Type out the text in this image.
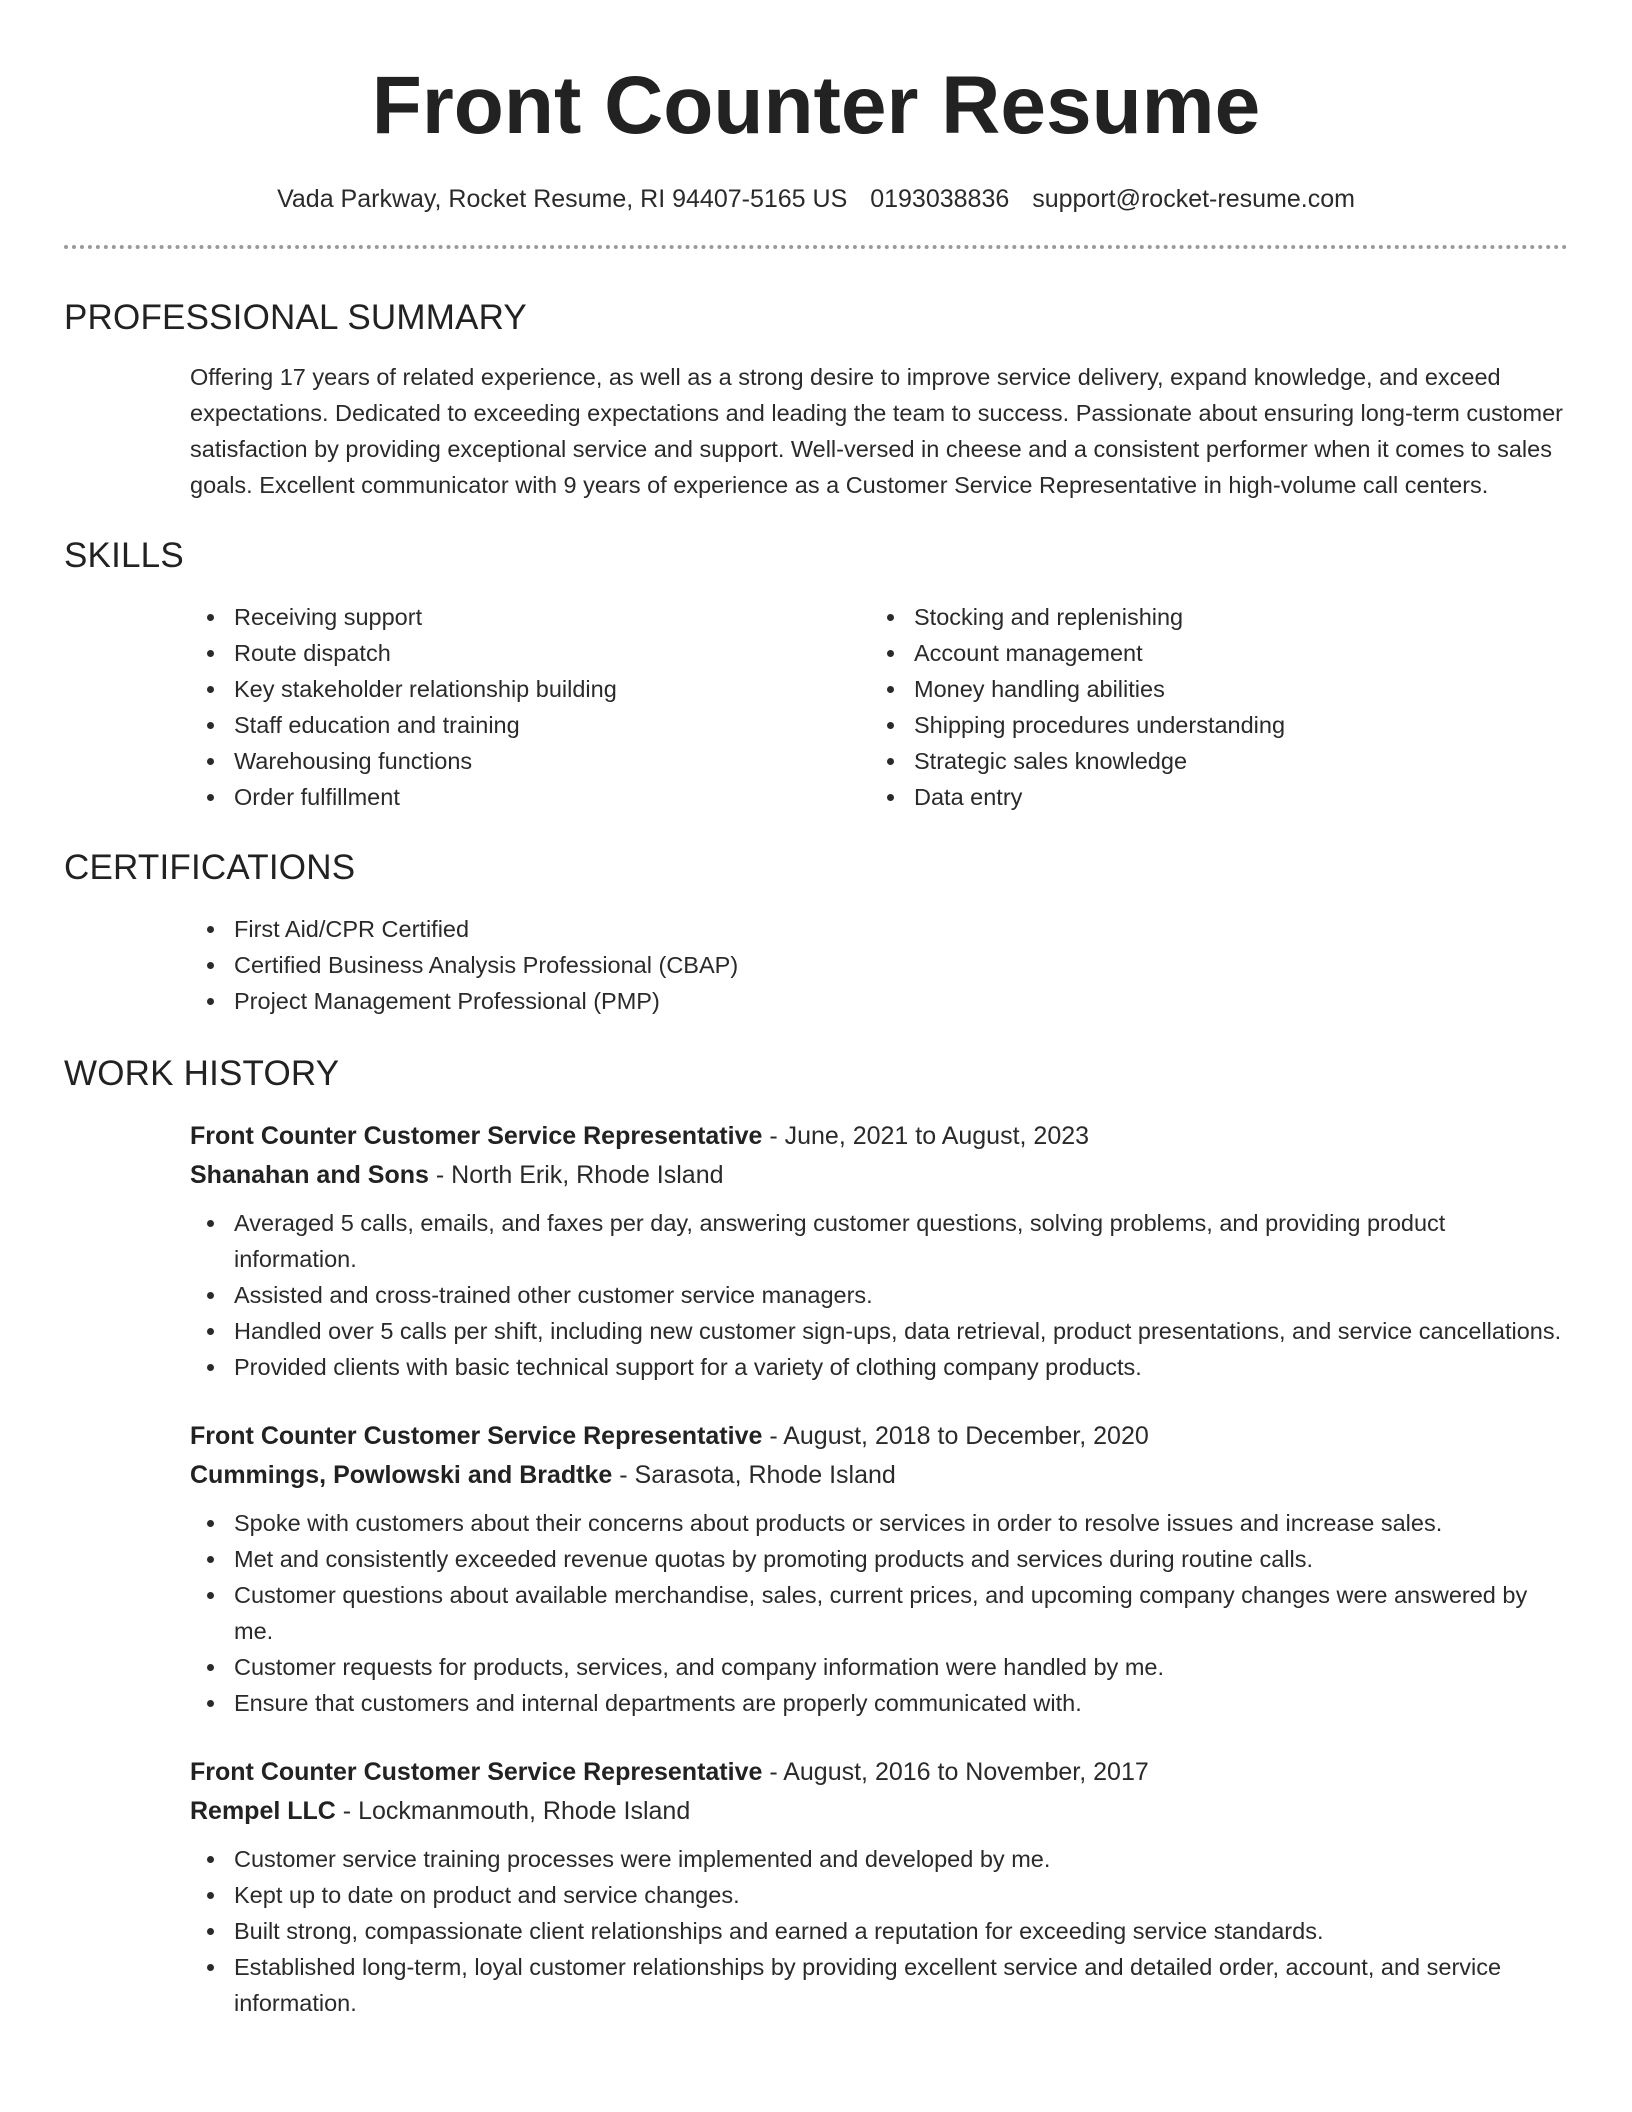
Front Counter Resume
Vada Parkway, Rocket Resume, RI 94407-5165 US 0193038836 support@rocket-resume.com
PROFESSIONAL SUMMARY
Offering 17 years of related experience, as well as a strong desire to improve service delivery, expand knowledge, and exceed expectations. Dedicated to exceeding expectations and leading the team to success. Passionate about ensuring long-term customer satisfaction by providing exceptional service and support. Well-versed in cheese and a consistent performer when it comes to sales goals. Excellent communicator with 9 years of experience as a Customer Service Representative in high-volume call centers.
SKILLS
Receiving support
Route dispatch
Key stakeholder relationship building
Staff education and training
Warehousing functions
Order fulfillment
Stocking and replenishing
Account management
Money handling abilities
Shipping procedures understanding
Strategic sales knowledge
Data entry
CERTIFICATIONS
First Aid/CPR Certified
Certified Business Analysis Professional (CBAP)
Project Management Professional (PMP)
WORK HISTORY
Front Counter Customer Service Representative - June, 2021 to August, 2023
Shanahan and Sons - North Erik, Rhode Island
Averaged 5 calls, emails, and faxes per day, answering customer questions, solving problems, and providing product information.
Assisted and cross-trained other customer service managers.
Handled over 5 calls per shift, including new customer sign-ups, data retrieval, product presentations, and service cancellations.
Provided clients with basic technical support for a variety of clothing company products.
Front Counter Customer Service Representative - August, 2018 to December, 2020
Cummings, Powlowski and Bradtke - Sarasota, Rhode Island
Spoke with customers about their concerns about products or services in order to resolve issues and increase sales.
Met and consistently exceeded revenue quotas by promoting products and services during routine calls.
Customer questions about available merchandise, sales, current prices, and upcoming company changes were answered by me.
Customer requests for products, services, and company information were handled by me.
Ensure that customers and internal departments are properly communicated with.
Front Counter Customer Service Representative - August, 2016 to November, 2017
Rempel LLC - Lockmanmouth, Rhode Island
Customer service training processes were implemented and developed by me.
Kept up to date on product and service changes.
Built strong, compassionate client relationships and earned a reputation for exceeding service standards.
Established long-term, loyal customer relationships by providing excellent service and detailed order, account, and service information.
